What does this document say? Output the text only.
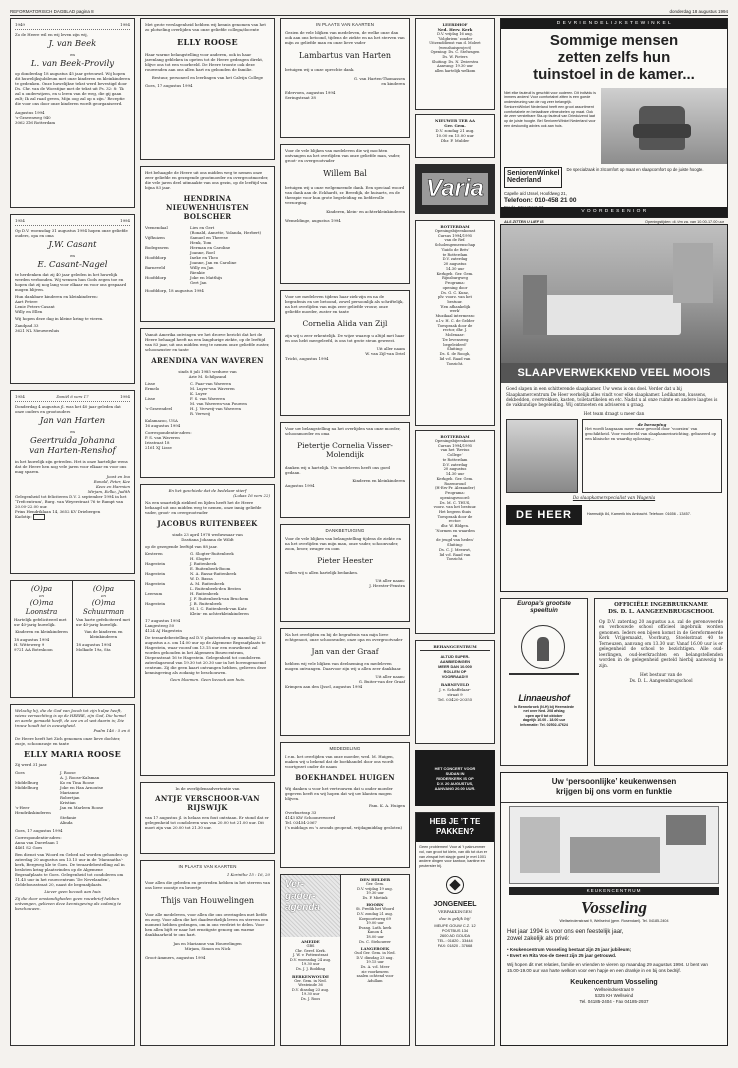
REFORMATORISCH DAGBLAD pagina 8	donderdag 18 augustus 1994
1949	1994
Zo de Heere wil en wij leven zijn wij,
J. van Beek
en
L. van Beek-Provily
op donderdag 18 augustus 45 jaar getrouwd. Wij hopen dit huwelijksjubileum met onze kinderen en kleinkinderen te gedenken. Onze huwelijkse tekst werd bevestigd door Ds. Chr. van de Woestijne met de tekst uit Ps. 32: 8: ‘Ik zal u onderwijzen, en u leren van de weg, die gij gaan zult; Ik zal raad geven, Mijn oog zal op u zijn.’ Receptie die voor ons door onze kinderen wordt georganiseerd.
Augustus 1994
’s-Gravenweg 940
3062 ZM Rotterdam
1954	1994
Op D.V. woensdag 31 augustus 1994 hopen onze geliefde ouders, opa en oma
J.W. Casant
en
E. Casant-Nagel
te herdenken dat zij 40 jaar geleden in het huwelijk werden verbonden. Wij wensen hun Gods zegen toe en hopen dat zij nog lang voor elkaar en voor ons gespaard mogen blijven.
Hun dankbare kinderen en kleinkinderen:
Aart Petere
Lenie Peters-Casant
Willy en Ellen
Wij hopen deze dag in kleine kring te vieren.
Zandpad 33
3621 NL Nieuwersluis
1954	Daniël 6 vers 17	1994
Donderdag 4 augustus jl. was het 40 jaar geleden dat onze ouders en grootouders
Jan van Harten
en
Geertruida Johanna
van Harten-Renshof
in het huwelijk zijn getreden. Het is onze hartelijke wens dat de Heere hen nog vele jaren voor elkaar en voor ons mag sparen.
Joost en Ina
Ronald, Peter, Kee
Kees en Harmien
Mirjam, Eelko, Judith
Gelegenheid tot feliciteren D.V. 2 september 1994 in het ‘Trefcentrum’, Burg. van Weyerstraat 76 te Rumpt van 20.00-22.00 uur.
Prins Hendriklaan 14, 3652 KV Driebergen
Kadotip:
(O)pa
en
(O)ma
Loonstra
Hartelijk gefeliciteerd met uw 40-jarig huwelijk.
Kinderen en kleinkinderen
18 augustus 1994
H. Wittewerg 9
9721 AA Boteskoon
(O)pa
en
(O)ma
Schuurman
Van harte gefeliciteerd met uw 40-jarig huwelijk.
Van de kinderen en kleinkinderen
18 augustus 1994
Molkade 19a, Sta
Welzalig hij, die de God van Jacob tot zijn hulpe heeft, wiens verwachting is op de HEERE, zijn God, Die hemel en aarde gemaakt heeft, de zee en al wat daarin is; Die trouw houdt tot in eeuwigheid.
Psalm 146 : 5 en 6
De Heere heeft het Zich genomen onze lieve dochter, zusje, schoonzusje en tante
ELLY MARIA ROOSE
Zij werd 31 jaar.
Goes	J. Roose
A. J. Roose-Kalsman
Middelburg	Ko en Tina Roose
Middelburg	Joke en Han Arnoutse
Marianne
Robertjan
Kristian
’s-Heer Hendrikskinderen
Jan en Marleen Roose
Stefanie
Alinda
Goes, 17 augustus 1994
Correspondentie-adres:
Anna van Duerrlaan 1
4461 S2 Goes
Ben dienst van Woord en Gebed zal worden gehouden op zaterdag 20 augustus om 13.15 uur in de ‘Maranatha’-kerk, Bergweg kle te Goes. De teraardebestelling zal in besloten kring plaatsvinden op de Algemene Begraafplaats te Goes. Gelegenheid tot condoleren om 11.45 uur in het rouwcentrum ‘De Nevelanden’, Geldebousstraat 20, naast de begraafplaats.
Liever geen bezoek aan huis
Zij die door omstandigheden geen rouwbrief hebben ontvangen, gelieven deze kennisgeving als zodanig te beschouwen.
Met grote verslagenheid hebben wij kennis genomen van het zo plotseling overlijden van onze geliefde collega/docente
ELLY ROOSE
Haar warme belangstelling voor anderen, ook in haar jarenlang gebleken in opeten tot de Heere gedragen direkt, blijve ons tot een voorbeeld. De Heere trooste ook deze rouwenden aan ons allen hart en gebonden de familie.
Bestuur, personeel en leerlingen van het Calvijn College
Goes, 17 augustus 1994
Het behaagde de Heere uit ons midden weg te nemen onze zeer geliefde en gezegende grootmoeder en overgrootmoeder, die vele jaren deel uitmaakte van ons gezin, op de leeftijd van bijna 83 jaar.
HENDRINA NIEUWENHUISTEN BOLSCHER
Veenendaal	Lies en Gert
(Ronald, Annette, Yolanda, Herbert)
Vijfhuizen	Samuel en Therese
Henk, Tom
Bodegraven	Herman en Caroline
Joanne, Roel
Hoofddorp	Ineke en Theo
Joanne, Jan en Caroline
Barneveld	Willy en Jan
Rienkie
Hoofddorp	Joke en Matthijs
Gert Jan
Hoofddorp, 18 augustus 1994
Vanuit Amerika ontvingen we het droeve bericht dat het de Heere behaagd heeft na een langdurige ziekte, op de leeftijd van 83 jaar, uit ons midden weg te nemen onze geliefde zuster, schoonzuster en tante
ARENDINA VAN WAVEREN
sinds 8 juli 1985 weduwe van
Arie M. Schilpzand
Lisse	C. Paar-van Waveren
Ermelo	M. Luyer-van Waveren
K. Luyer
Lisse	F. S. van Waveren
M. van Waveren-van Pouwen
’s-Gravendeel	H. J. Verweij-van Waveren
R. Verweij
Kalamazoo, USA
16 augustus 1994
Correspondentie-adres:
P. S. van Waveren
Irisstraat 18
2161 XJ Lisse
En het geschiede dat de bedelaar stierf
(Lukas 16 vers 22)
Na een smartelijk ziekbed en lijden heeft het de Heere behaagd uit ons midden weg te nemen, onze innig geliefde vader, groot- en overgrootvader
JACOBUS RUITENBEEK
sinds 23 april 1978 weduwnaar van
Dastiana Johanna de Wildt
op de gezegende leeftijd van 88 jaar.
Kesteren	G. Slogter-Ruitenbeek
H. Slogter
Hagestein	J. Ruitenbeek
E. Ruitenbeek-Boom
Hagestein	N. A. Bassa-Ruitenbeek
W. D. Bassa
Hagestein	A. M. Ruitenbeek
L. Ruitenbeek-den Besten
Leersum	H. Ruitenbeek
J. F. Ruitenbeek-van Bruchem
Hagestein	J. B. Ruitenbeek
M. I. C. Ruitenbeek-van Katz
Klein- en achterkleinkinderen
17 augustus 1994
Langesteeg 50
4124 AJ Hagestein
De teraardebestelling zal D.V. plaatsvinden op maandag 22 augustus a.s. om 14.00 uur op de Algemene Begraafplaats te Hagestein, waar vooraf om 13.15 uur een rouwdienst zal worden gehouden in het Algemeen Bouwcentrum, Diepenstraat 16 te Hagestein. Gelegenheid tot condoleren zaterdagavond van 19.30 tot 20.30 uur in het bovengenoemd centrum. Zij die geen kaart ontvangen hebben, gelieven deze kennisgeving als zodanig te beschouwen.
Geen bloemen. Geen bezoek aan huis.
In de overlijdensadvertentie van
ANTJE VERSCHOOR-VAN RIJSWIJK
van 17 augustus jl. is helaas een fout ontstaan. Er stond dat er gelegenheid tot condoleren was van 20.00 tot 21.00 uur. Dit moet zijn van 20.00 tot 21.30 uur.
IN PLAATS VAN KAARTEN
1 Korinthe 15 : 16, 20
Voor allen die gebeden en gestreden hebben in het sterven van ons lieve zoontje en broertje
Thijs van Houwelingen
Voor alle medeleven, voor allen die ons overingden met liefde en zorg. Voor allen die het daadwerkelijk leven en sterven een moment hebben gedragen, om in ons verdriet te delen. Voor hen allen bijft er naar het ernstigste genoeg om warme dankbaarheid te ons hart.
Jan en Marianne van Houwelingen
Mirjam, Simon en Nick
Groot-Ammers, augustus 1994
IN PLAATS VAN KAARTEN
Gezien de vele blijken van medeleven, de welke onze dan ook aan ons betoond, tijdens de ziekte en na het sterven van mijn zo geliefde man en onze lieve vader
Lambartus van Harten
betuigen wij u onze oprechte dank.
G. van Harten-Thomassen
en kinderen
Edervoen, augustus 1994
Seringstraat 38
Voor de vele blijken van medeleven die wij mochten ontvangen na het overlijden van onze geliefde man, vader, groot- en overgrootvader
Willem Bal
betuigen wij u onze welgemeende dank. Een speciaal woord van dank aan dr. Eckhardt, zr. Breedijk, de huisarts, en de therapie voor hun grote begeleiding en liefdevolle verzorging.
Kinderen, klein- en achterkleinkinderen
Wemeldinge, augustus 1994
Voor uw medeleven tijdens haar ziek-zijn en na de begrafenis en uw betoond, zowel persoonlijk als schriftelijk, na het overlijden van mijn zeer geliefde vrouw, onze geliefde moeder, zuster en tante
Cornelia Alida van Zijl
zijn wij u zeer erkentelijk. De wijze waarop u altijd met haar en ons hebt meegeleefd, is ons tot grote steun geweest.
Uit aller naam
W. van Zijl-van Driel
Tricht, augustus 1994
Voor uw belangstelling na het overlijden van onze moeder, schoonmoeder en oma
Pietertje Cornelia Visser-Molendijk
danken wij u hartelijk. Uw medeleven heeft ons goed gedaan.
Kinderen en kleinkinderen
Augustus 1994
DANKBETUIGING
Voor de vele blijken van belangstelling tijdens de ziekte en na het overlijden van mijn man, onze vader, schoonvader, zoon, broer, zwager en oom
Pieter Heester
willen wij u allen hartelijk bedanken.
Uit aller naam:
J. Heester-Fenstra
Na het overlijden en bij de begrafenis van mijn lieve echtgenoot, onze schoonvader, onze opa en overgrootvader
Jan van der Graaf
hebben wij vele blijken van deelneming en medeleven mogen ontvangen. Daarvoor zijn wij u allen zeer dankbaar.
Uit aller naam:
G. Buiter-van der Graaf
Krimpen aan den IJssel, augustus 1994
MEDEDELING
I.v.m. het overlijden van onze moeder, wed. M. Huigen, maken wij u bekend dat de boekhandel door ons wordt voortgezet onder de naam
BOEKHANDEL HUIGEN
Wij danken u voor het vertrouwen dat u onder moeder gegeven heeft en wij hopen dat wij uw klanten mogen blijven.
Fam. K. A. Huigen
Overbuetrap 33
4143 KW Schoonrewoerd
Tel. 03454-2067
(’s middags en ’s avonds geopend, vrijdagmiddag gesloten)
Ver-
gader-
agenda
AMEIDE
GBS
Chr. Geref. Kerk.
J. W. v. Pottenstraat
D.V. woensdag 24 aug.
19.30 uur
Ds. J. J. Bodding
BERKENWOUDE
Ger. Gem. in Ned.
Westeinde 36
D.V. dinsdag 23 aug.
19.30 uur
Ds. J. Roos
DEN HELDER
Ger. Gem.
D.V. vrijdag 19 aug.
19.30 uur
Ds. P. Mietink
HOORN
St. Predik het Woord
D.V. zondag 21 aug.
Koepoortsweg 69
19.00 uur
Evang. Luth. kerk
Kanon 4
18.00 uur
Ds. C. Stehouwer
LANGEROEK
Oud Ger. Gem. in Ned.
D.V. dinsdag 23 aug.
19.15 uur
Ds. A. v.d. Meer
zie voorkeuren
zaalen ochtend voor
Adullam
LEERDHOF
Ned. Herv. Kerk
D.V. vrijdag 16 aug.
‘Volgbriem’ zonder
Uitzenddienst van d. Moleet
(wenshuisproject)
Opening: Ds. C. Stelwagen
Ds. W. Pieters
Sluiting: Ds. N. Zwierstra
Aanvang: 19.30 uur
allen hartelijk welkom
NIEUWER TER AA
Ger. Gem.
D.V. zondag 21 aug.
10.00 en 15.00 uur
Dhr. P. Mulder
Varia
ROTTERDAM
Openingsbijeenkomst
Cursus 1994/1995
van de Ref.
Scholengemeenschap
‘Guido de Brès’
te Rotterdam
D.V. zaterdag
20 augustus
14.30 uur
Kerkgeb. Ger. Gem.
Rijnsburgweg
Programa:
opening door
Ds. G. C. Kunz,
plv. voorz. van het
bestuur.
‘Een afhankelijk
werk’
Muzikaal intermezzo
o.l.v. H. C. de Gelder
Toespraak door de
rector, dhr. J.
Molenaar:
‘De levensweg
begeleiderd’
Sluiting:
Ds. S. de Roogh,
lid v.d. Raad van
Toezicht.
ROTTERDAM
Openingsbijeenkomst
Cursus 1994/1995
van het ‘Revius
College’
te Rotterdam
D.V. zaterdag
20 augustus
14.30 uur
Kerkgeb. Ger. Gem.
Rozenwoud
(H-Ers-Pr. Alexander)
Programa:
openingswoord:
Ds. M. C. THUS,
voorz. van het bestuur.
Het begeen thuis
Toespraak door de
rector:
dhr. W. Bldgen.
‘Normen en waarden
en
de jeugd van heden’
Sluiting:
Ds. C. J. Meeuwt,
lid v.d. Raad van
Toezicht.
BEHANGCENTRUM
ALTIJD SUPER-
AANBIEDINGEN
MEER DAN 10.000
ROLLEN OP
VOORRAAD!!!
BARNEVELD
J. v. Schaffelaar-
straat 9
Tel. 03420-20355
HET CONCERT VOOR
SUDAN IN
RIDDERKERK IS OP
D.V. 20 AUGUSTUS,
AANVANG 20.00 UUR.
HEB JE ’T TE
PAKKEN?
Geen problemen! Voor al ’t paknummer vol, van groot tot klein, van dik tot dun er van zinspat het stapje goed je met 1001 andere dingen voor kantoor, kantine en peuterster bij.
JONGENEEL
VERPAKKINGEN
doe is gelijk bij!
MEUPE GOUW C.Z. 12
POSTBUS 134
2600 AD GOUDA
TEL.: 01820 - 33444
FAX: 01820 - 37668
D E V R I E N D E L I J K S T E W I N K E L
Sommige mensen
zetten zelfs hun
tuinstoel in de kamer...
Niet elke fauteuil is geschikt voor ouderen. Dit individu is immers anders! Voor comfortabel zitten is een goede ondersteuning van de rug zeer belangrijk. SeniorenWinkel Nederland heeft een groot assortiment comfortabele en betaalbare zitmeubelen op maat. Ook de zeer verstelbare Sta-op fauteuil van Drieduizend laat op de juiste hoogte. Bel SeniorenWinkel Nederland voor een deskundig advies ook aan huis.
SeniorenWinkel
Nederland
De specialzaak in zitcomfort op maat en slaapcomfort op de juiste hoogte.
Capelle a/d IJssel, Hoofdweg 21,
Telefoon: 010-458 21 00
ALS ZITTEN U LIEF IS	Openingstijden: di. t/m za. van 10.00-17.00 uur
V O O R D E S E N I O R
SLAAPVERWEKKEND VEEL MOOIS
Goed slapen in een schitterende slaapkamer. Uw wens is ons doel. Verder dat u bij Slaapkamercentrum De Heer werkelijk alles vindt voor elke slaapkamer. Ledikanten, kussens, dekbedden, overtrekken, kasten, toiletartikelen en etc. Nadat u al onze ruimte en andere laagtes is de vakkundige begeleiding. Wij ontmoeten en adviseren u graag.
Het team draagt u meer dan
de beroeping
Het wordt langzaam meer waar gevoeld door ‘voorzien’ van geschiktheid. Voor voorbeeld van slaapkamerinrichting, gebaseerd op een klinische en waardig oplossing...
Da slaapkamerspecialist van Wagenla
DE HEER	Harmsdijk 84, Kamerik bis Ambacht. Telefoon: 01656 - 13457.
Europa’s grootste
speeltuin
Linnaeushof
In Bennebroek (N-H) bij Heemstede
net over Ned. 208 afslag
open april tot oktober
dagelijk 10.00 - 18.00 uur
Informatie: Tel. 02502-47624
OFFICIËLE INGEBRUIKNAME
DS. D. L. AANGEENBRUGSCHOOL
Op D.V. zaterdag 20 augustus a.s. zal de gerenoveerde en verbouwde school officieel ingebruik worden genomen. Ieders een bijeen komst in de Gereformeerde Kerk Vrijgemaakt, Voorburg, Stoelsstraat 40 te Terneuzen, aanvang om 13.30 uur. Vanaf 16.00 uur is er gelegenheid de school te bezichtigen. Alle oud-leerlingen, oud-leerkrachten en belangstellenden worden in de gelegenheid gesteld hierbij aanwezig te zijn.
Het bestuur van de
Ds. D. L. Aangeenbrugschool
Uw ‘persoonlijke’ keukenwensen
krijgen bij ons vorm en funktie
KEUKENCENTRUM
Vosseling
Wellseindenstraat 9, Wellseind (gem. Rosendael). Tel. 04185-2404
Het jaar 1994 is voor ons een feestelijk jaar,
zowel zakelijk als privé:
• Keukencentrum Vosseling bestaat zijn 25 jaar jubileum;
• Evert en Rita Vos-de Geest zijn 25 jaar getrouwd.
Wij hopen dit met relaties, familie en vrienden te vieren op maandag 29 augustus 1994. U bent van 15.00-19.00 uur van harte welkom voor een hapje en een drankje in en bij ons bedrijf.
Keukencentrum Vosseling
Wellseindsestraat 9
5325 KH Wellseind
Tel. 04185-2404 - Fax 04185-2937
